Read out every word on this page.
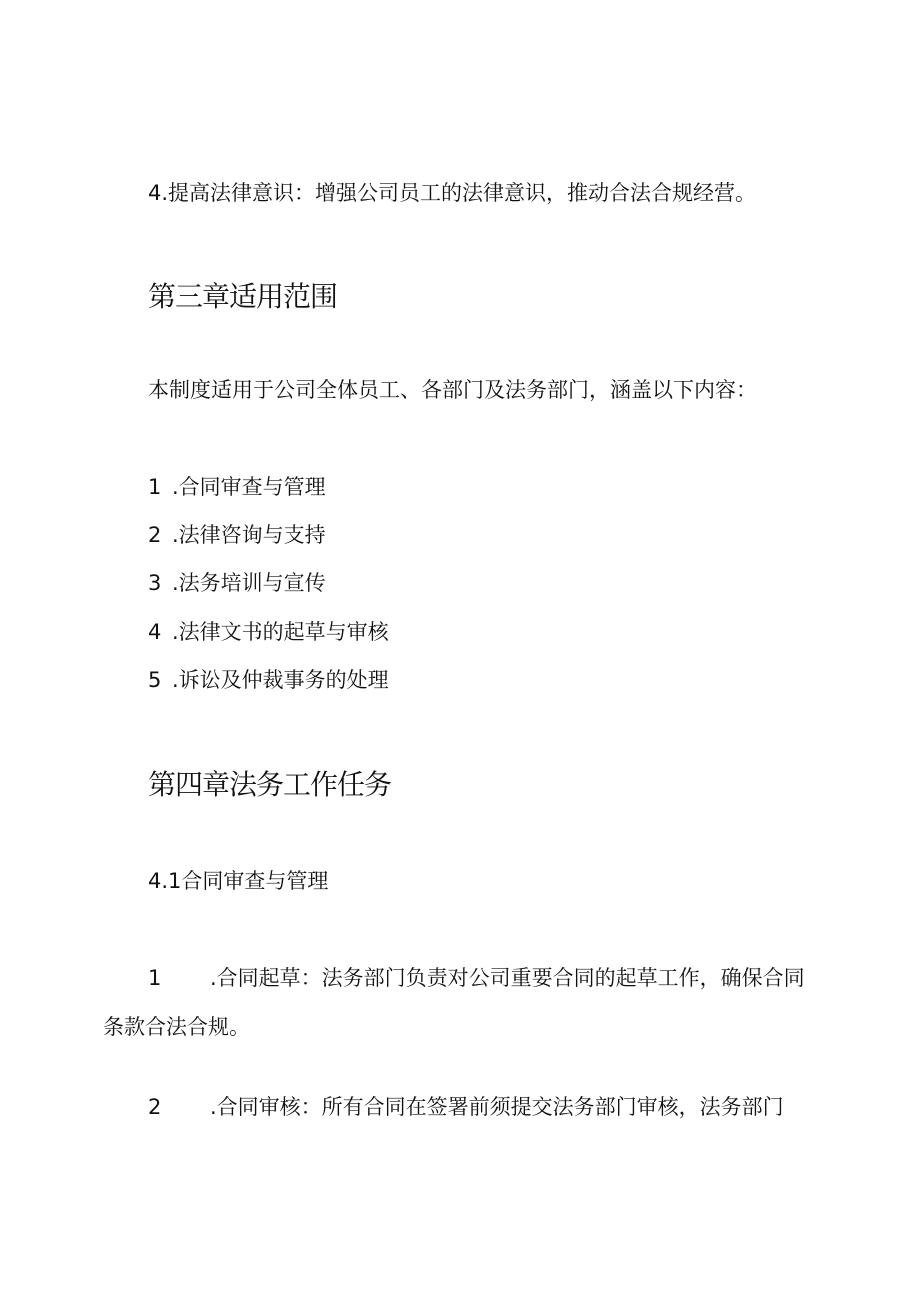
4.提高法律意识：增强公司员工的法律意识，推动合法合规经营。
第三章适用范围
本制度适用于公司全体员工、各部门及法务部门，涵盖以下内容：
1 .合同审查与管理
2 .法律咨询与支持
3 .法务培训与宣传
4 .法律文书的起草与审核
5 .诉讼及仲裁事务的处理
第四章法务工作任务
4.1合同审查与管理
1 .合同起草：法务部门负责对公司重要合同的起草工作，确保合同
条款合法合规。
2 .合同审核：所有合同在签署前须提交法务部门审核，法务部门
